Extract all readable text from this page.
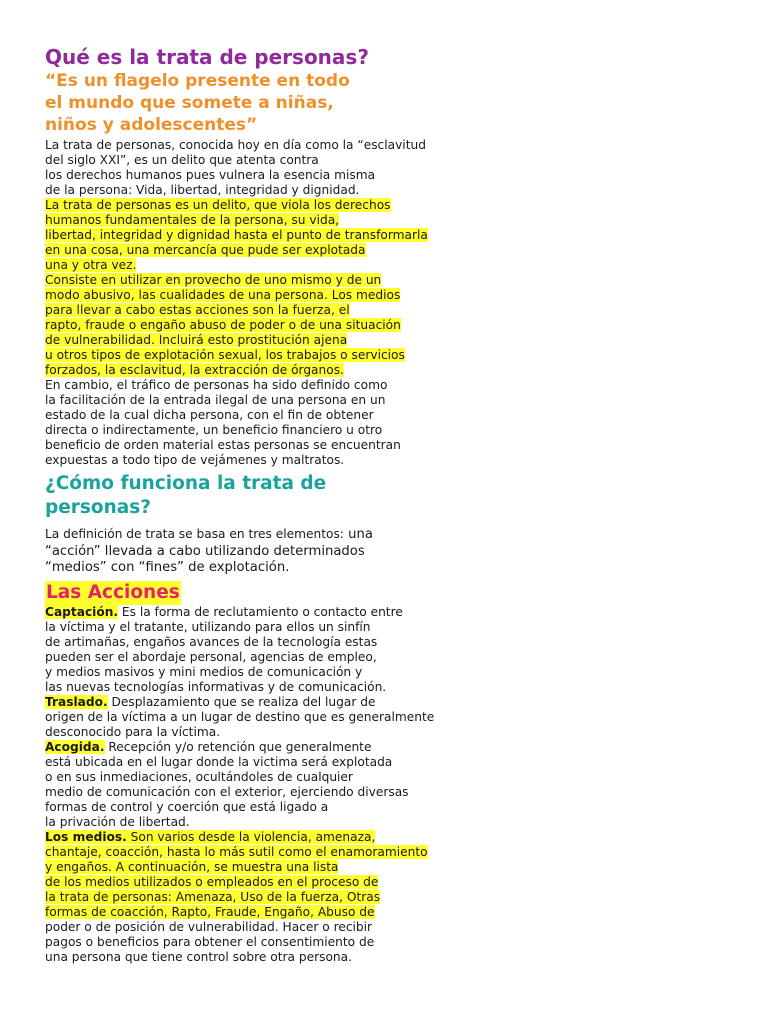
Qué es la trata de personas?
“Es un flagelo presente en todo
el mundo que somete a niñas,
niños y adolescentes”
La trata de personas, conocida hoy en día como la “esclavitud
del siglo XXI”, es un delito que atenta contra
los derechos humanos pues vulnera la esencia misma
de la persona: Vida, libertad, integridad y dignidad.
La trata de personas es un delito, que viola los derechos
humanos fundamentales de la persona, su vida,
libertad, integridad y dignidad hasta el punto de transformarla
en una cosa, una mercancía que pude ser explotada
una y otra vez.
Consiste en utilizar en provecho de uno mismo y de un
modo abusivo, las cualidades de una persona. Los medios
para llevar a cabo estas acciones son la fuerza, el
rapto, fraude o engaño abuso de poder o de una situación
de vulnerabilidad. Incluirá esto prostitución ajena
u otros tipos de explotación sexual, los trabajos o servicios
forzados, la esclavitud, la extracción de órganos.
En cambio, el tráfico de personas ha sido definido como
la facilitación de la entrada ilegal de una persona en un
estado de la cual dicha persona, con el fin de obtener
directa o indirectamente, un beneficio financiero u otro
beneficio de orden material estas personas se encuentran
expuestas a todo tipo de vejámenes y maltratos.
¿Cómo funciona la trata de
personas?
La definición de trata se basa en tres elementos: una
“acción” llevada a cabo utilizando determinados
“medios” con “fines” de explotación.
Las Acciones
Captación. Es la forma de reclutamiento o contacto entre
la víctima y el tratante, utilizando para ellos un sinfín
de artimañas, engaños avances de la tecnología estas
pueden ser el abordaje personal, agencias de empleo,
y medios masivos y mini medios de comunicación y
las nuevas tecnologías informativas y de comunicación.
Traslado. Desplazamiento que se realiza del lugar de
origen de la víctima a un lugar de destino que es generalmente
desconocido para la víctima.
Acogida. Recepción y/o retención que generalmente
está ubicada en el lugar donde la victima será explotada
o en sus inmediaciones, ocultándoles de cualquier
medio de comunicación con el exterior, ejerciendo diversas
formas de control y coerción que está ligado a
la privación de libertad.
Los medios. Son varios desde la violencia, amenaza,
chantaje, coacción, hasta lo más sutil como el enamoramiento
y engaños. A continuación, se muestra una lista
de los medios utilizados o empleados en el proceso de
la trata de personas: Amenaza, Uso de la fuerza, Otras
formas de coacción, Rapto, Fraude, Engaño, Abuso de
poder o de posición de vulnerabilidad. Hacer o recibir
pagos o beneficios para obtener el consentimiento de
una persona que tiene control sobre otra persona.
